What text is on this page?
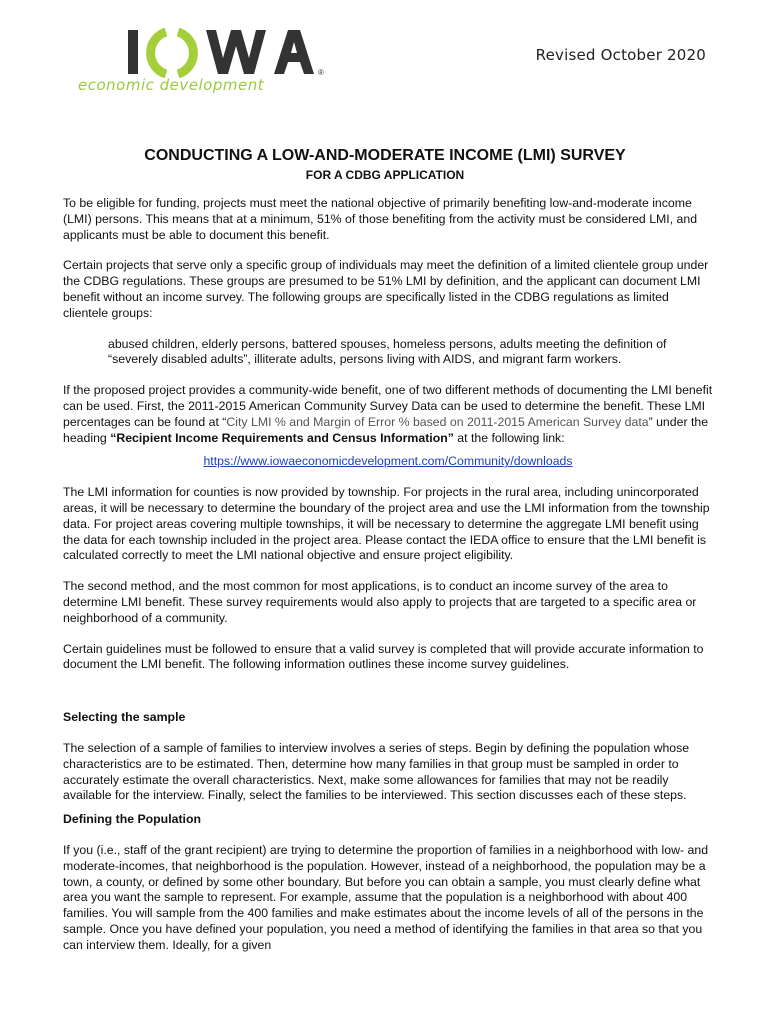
®
economic development
Revised October 2020
CONDUCTING A LOW-AND-MODERATE INCOME (LMI) SURVEY
FOR A CDBG APPLICATION

To be eligible for funding, projects must meet the national objective of primarily benefiting low-and-moderate income (LMI) persons. This means that at a minimum, 51% of those benefiting from the activity must be considered LMI, and applicants must be able to document this benefit.

Certain projects that serve only a specific group of individuals may meet the definition of a limited clientele group under the CDBG regulations. These groups are presumed to be 51% LMI by definition, and the applicant can document LMI benefit without an income survey. The following groups are specifically listed in the CDBG regulations as limited clientele groups:

abused children, elderly persons, battered spouses, homeless persons, adults meeting the definition of “severely disabled adults”, illiterate adults, persons living with AIDS, and migrant farm workers.

If the proposed project provides a community-wide benefit, one of two different methods of documenting the LMI benefit can be used. First, the 2011-2015 American Community Survey Data can be used to determine the benefit. These LMI percentages can be found at “City LMI % and Margin of Error % based on 2011-2015 American Survey data” under the heading “Recipient Income Requirements and Census Information” at the following link:

https://www.iowaeconomicdevelopment.com/Community/downloads

The LMI information for counties is now provided by township. For projects in the rural area, including unincorporated areas, it will be necessary to determine the boundary of the project area and use the LMI information from the township data. For project areas covering multiple townships, it will be necessary to determine the aggregate LMI benefit using the data for each township included in the project area. Please contact the IEDA office to ensure that the LMI benefit is calculated correctly to meet the LMI national objective and ensure project eligibility.

The second method, and the most common for most applications, is to conduct an income survey of the area to determine LMI benefit. These survey requirements would also apply to projects that are targeted to a specific area or neighborhood of a community.

Certain guidelines must be followed to ensure that a valid survey is completed that will provide accurate information to document the LMI benefit. The following information outlines these income survey guidelines.

Selecting the sample

The selection of a sample of families to interview involves a series of steps. Begin by defining the population whose characteristics are to be estimated. Then, determine how many families in that group must be sampled in order to accurately estimate the overall characteristics. Next, make some allowances for families that may not be readily available for the interview. Finally, select the families to be interviewed. This section discusses each of these steps.

Defining the Population

If you (i.e., staff of the grant recipient) are trying to determine the proportion of families in a neighborhood with low- and moderate-incomes, that neighborhood is the population. However, instead of a neighborhood, the population may be a town, a county, or defined by some other boundary. But before you can obtain a sample, you must clearly define what area you want the sample to represent. For example, assume that the population is a neighborhood with about 400 families. You will sample from the 400 families and make estimates about the income levels of all of the persons in the sample. Once you have defined your population, you need a method of identifying the families in that area so that you can interview them. Ideally, for a given
